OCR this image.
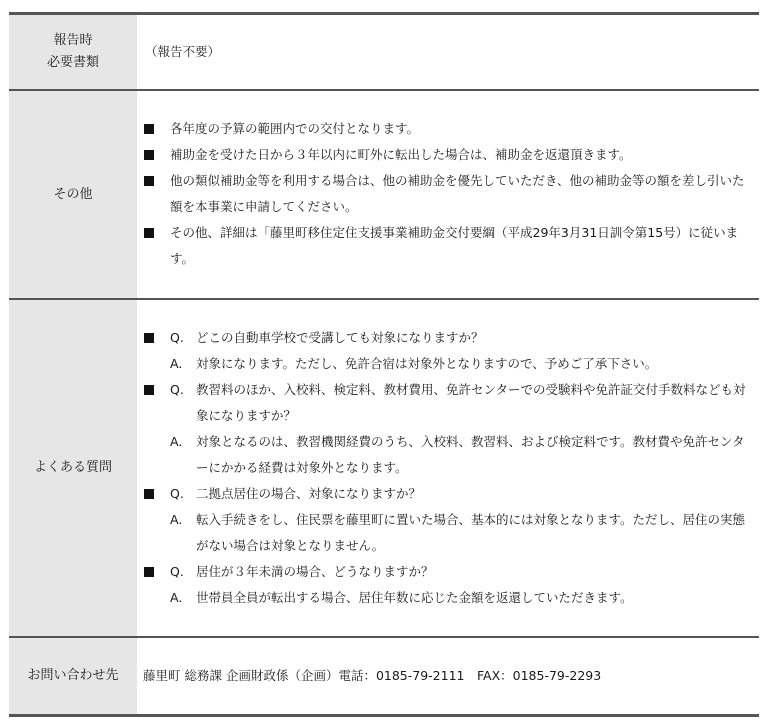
報告時
必要書類
（報告不要）
その他
各年度の予算の範囲内での交付となります。
補助金を受けた日から３年以内に町外に転出した場合は、補助金を返還頂きます。
他の類似補助金等を利用する場合は、他の補助金を優先していただき、他の補助金等の額を差し引いた額を本事業に申請してください。
その他、詳細は「藤里町移住定住支援事業補助金交付要綱（平成29年3月31日訓令第15号）に従います。
よくある質問
Q. どこの自動車学校で受講しても対象になりますか？
A. 対象になります。ただし、免許合宿は対象外となりますので、予めご了承下さい。
Q. 教習料のほか、入校料、検定料、教材費用、免許センターでの受験料や免許証交付手数料なども対象になりますか？
A. 対象となるのは、教習機関経費のうち、入校料、教習料、および検定料です。教材費や免許センターにかかる経費は対象外となります。
Q. 二拠点居住の場合、対象になりますか？
A. 転入手続きをし、住民票を藤里町に置いた場合、基本的には対象となります。ただし、居住の実態がない場合は対象となりません。
Q. 居住が３年未満の場合、どうなりますか？
A. 世帯員全員が転出する場合、居住年数に応じた金額を返還していただきます。
お問い合わせ先 藤里町 総務課 企画財政係（企画）電話：0185-79-2111　FAX：0185-79-2293
